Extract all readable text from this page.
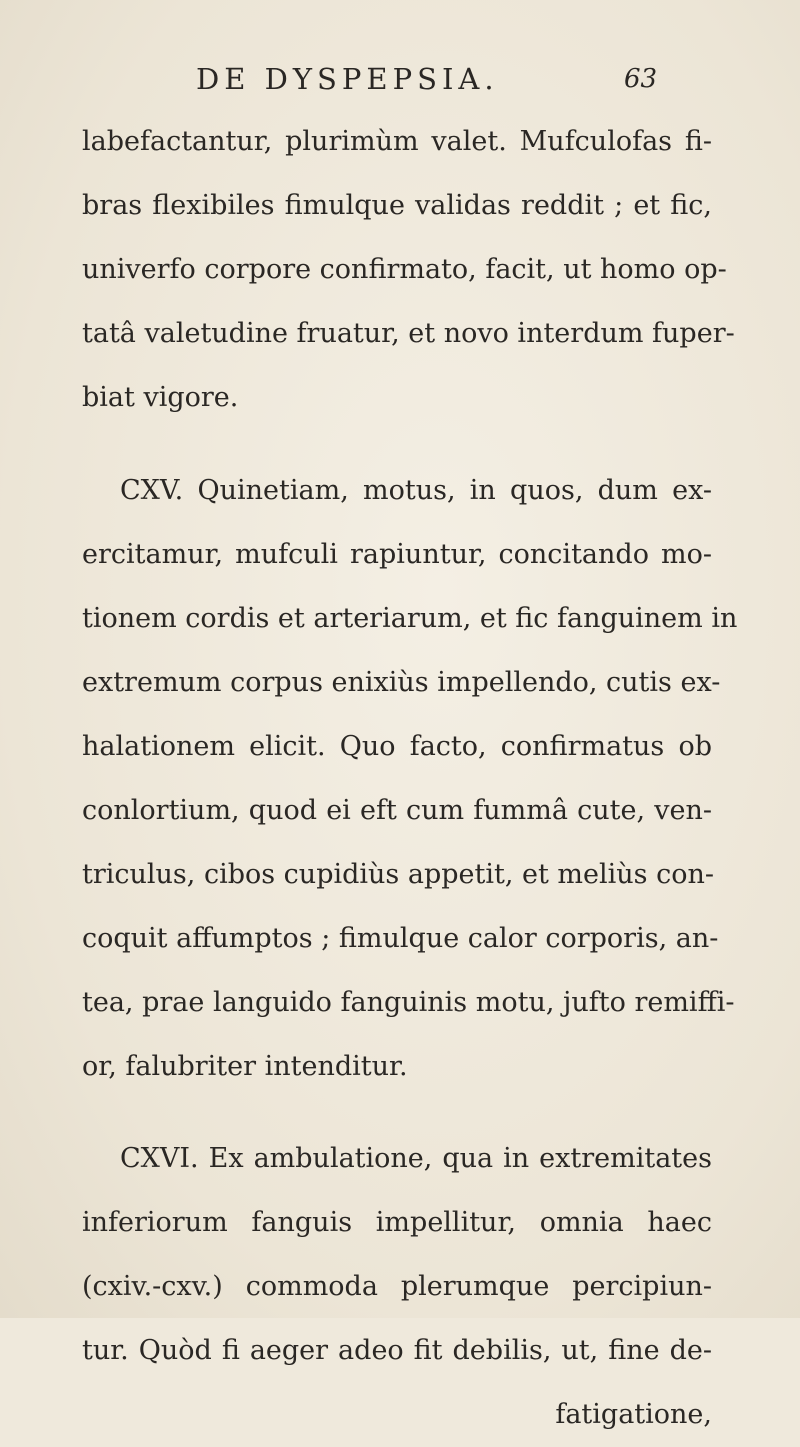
DE DYSPEPSIA.	63
labefactantur, plurimùm valet. Mufculofas fi-
bras flexibiles fimulque validas reddit ; et fic,
univerfo corpore confirmato, facit, ut homo op-
tatâ valetudine fruatur, et novo interdum fuper-
biat vigore.
CXV. Quinetiam, motus, in quos, dum ex-
ercitamur, mufculi rapiuntur, concitando mo-
tionem cordis et arteriarum, et fic fanguinem in
extremum corpus enixiùs impellendo, cutis ex-
halationem elicit. Quo facto, confirmatus ob
conlortium, quod ei eft cum fummâ cute, ven-
triculus, cibos cupidiùs appetit, et meliùs con-
coquit affumptos ; fimulque calor corporis, an-
tea, prae languido fanguinis motu, jufto remiffi-
or, falubriter intenditur.
CXVI. Ex ambulatione, qua in extremitates
inferiorum fanguis impellitur, omnia haec
(cxiv.-cxv.) commoda plerumque percipiun-
tur. Quòd fi aeger adeo fit debilis, ut, fine de-
fatigatione,
